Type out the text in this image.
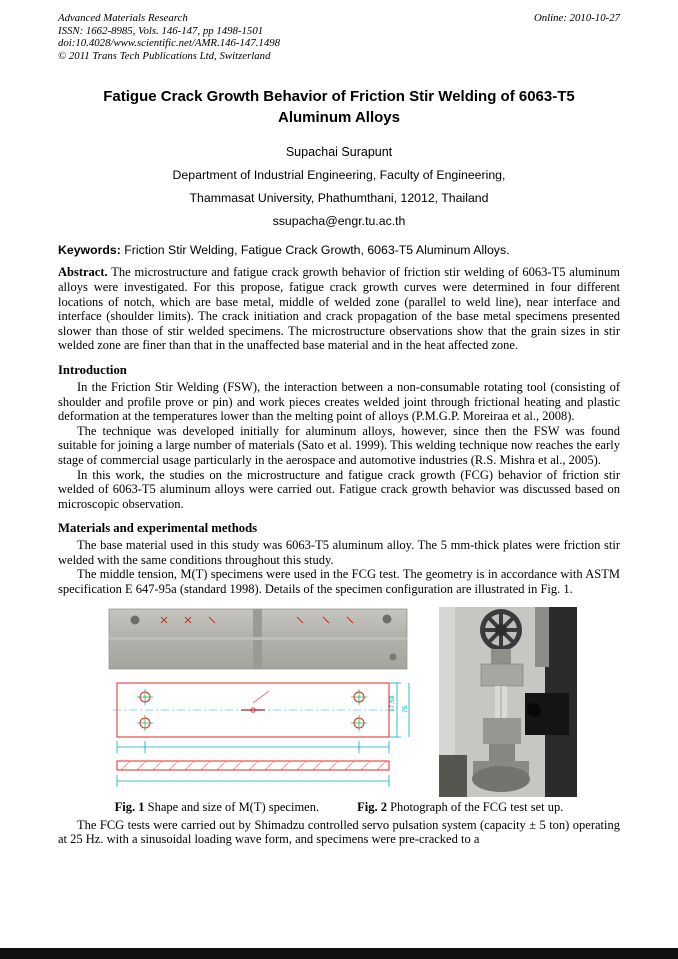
Advanced Materials Research
ISSN: 1662-8985, Vols. 146-147, pp 1498-1501
doi:10.4028/www.scientific.net/AMR.146-147.1498
© 2011 Trans Tech Publications Ltd, Switzerland
Online: 2010-10-27
Fatigue Crack Growth Behavior of Friction Stir Welding of 6063-T5
Aluminum Alloys
Supachai Surapunt
Department of Industrial Engineering, Faculty of Engineering,
Thammasat University, Phathumthani, 12012, Thailand
ssupacha@engr.tu.ac.th

Keywords: Friction Stir Welding, Fatigue Crack Growth, 6063-T5 Aluminum Alloys.

Abstract. The microstructure and fatigue crack growth behavior of friction stir welding of 6063-T5 aluminum alloys were investigated. For this propose, fatigue crack growth curves were determined in four different locations of notch, which are base metal, middle of welded zone (parallel to weld line), near interface and interface (shoulder limits). The crack initiation and crack propagation of the base metal specimens presented slower than those of stir welded specimens. The microstructure observations show that the grain sizes in stir welded zone are finer than that in the unaffected base material and in the heat affected zone.

Introduction

In the Friction Stir Welding (FSW), the interaction between a non-consumable rotating tool (consisting of shoulder and profile prove or pin) and work pieces creates welded joint through frictional heating and plastic deformation at the temperatures lower than the melting point of alloys (P.M.G.P. Moreiraa et al., 2008).

The technique was developed initially for aluminum alloys, however, since then the FSW was found suitable for joining a large number of materials (Sato et al. 1999). This welding technique now reaches the early stage of commercial usage particularly in the aerospace and automotive industries (R.S. Mishra et al., 2005).

In this work, the studies on the microstructure and fatigue crack growth (FCG) behavior of friction stir welded of 6063-T5 aluminum alloys were carried out. Fatigue crack growth behavior was discussed based on microscopic observation.

Materials and experimental methods

The base material used in this study was 6063-T5 aluminum alloy. The 5 mm-thick plates were friction stir welded with the same conditions throughout this study.

The middle tension, M(T) specimens were used in the FCG test. The geometry is in accordance with ASTM specification E 647-95a (standard 1998). Details of the specimen configuration are illustrated in Fig. 1.

17.50 75
Fig. 1 Shape and size of M(T) specimen.	Fig. 2 Photograph of the FCG test set up.

The FCG tests were carried out by Shimadzu controlled servo pulsation system (capacity ± 5 ton) operating at 25 Hz. with a sinusoidal loading wave form, and specimens were pre-cracked to a
